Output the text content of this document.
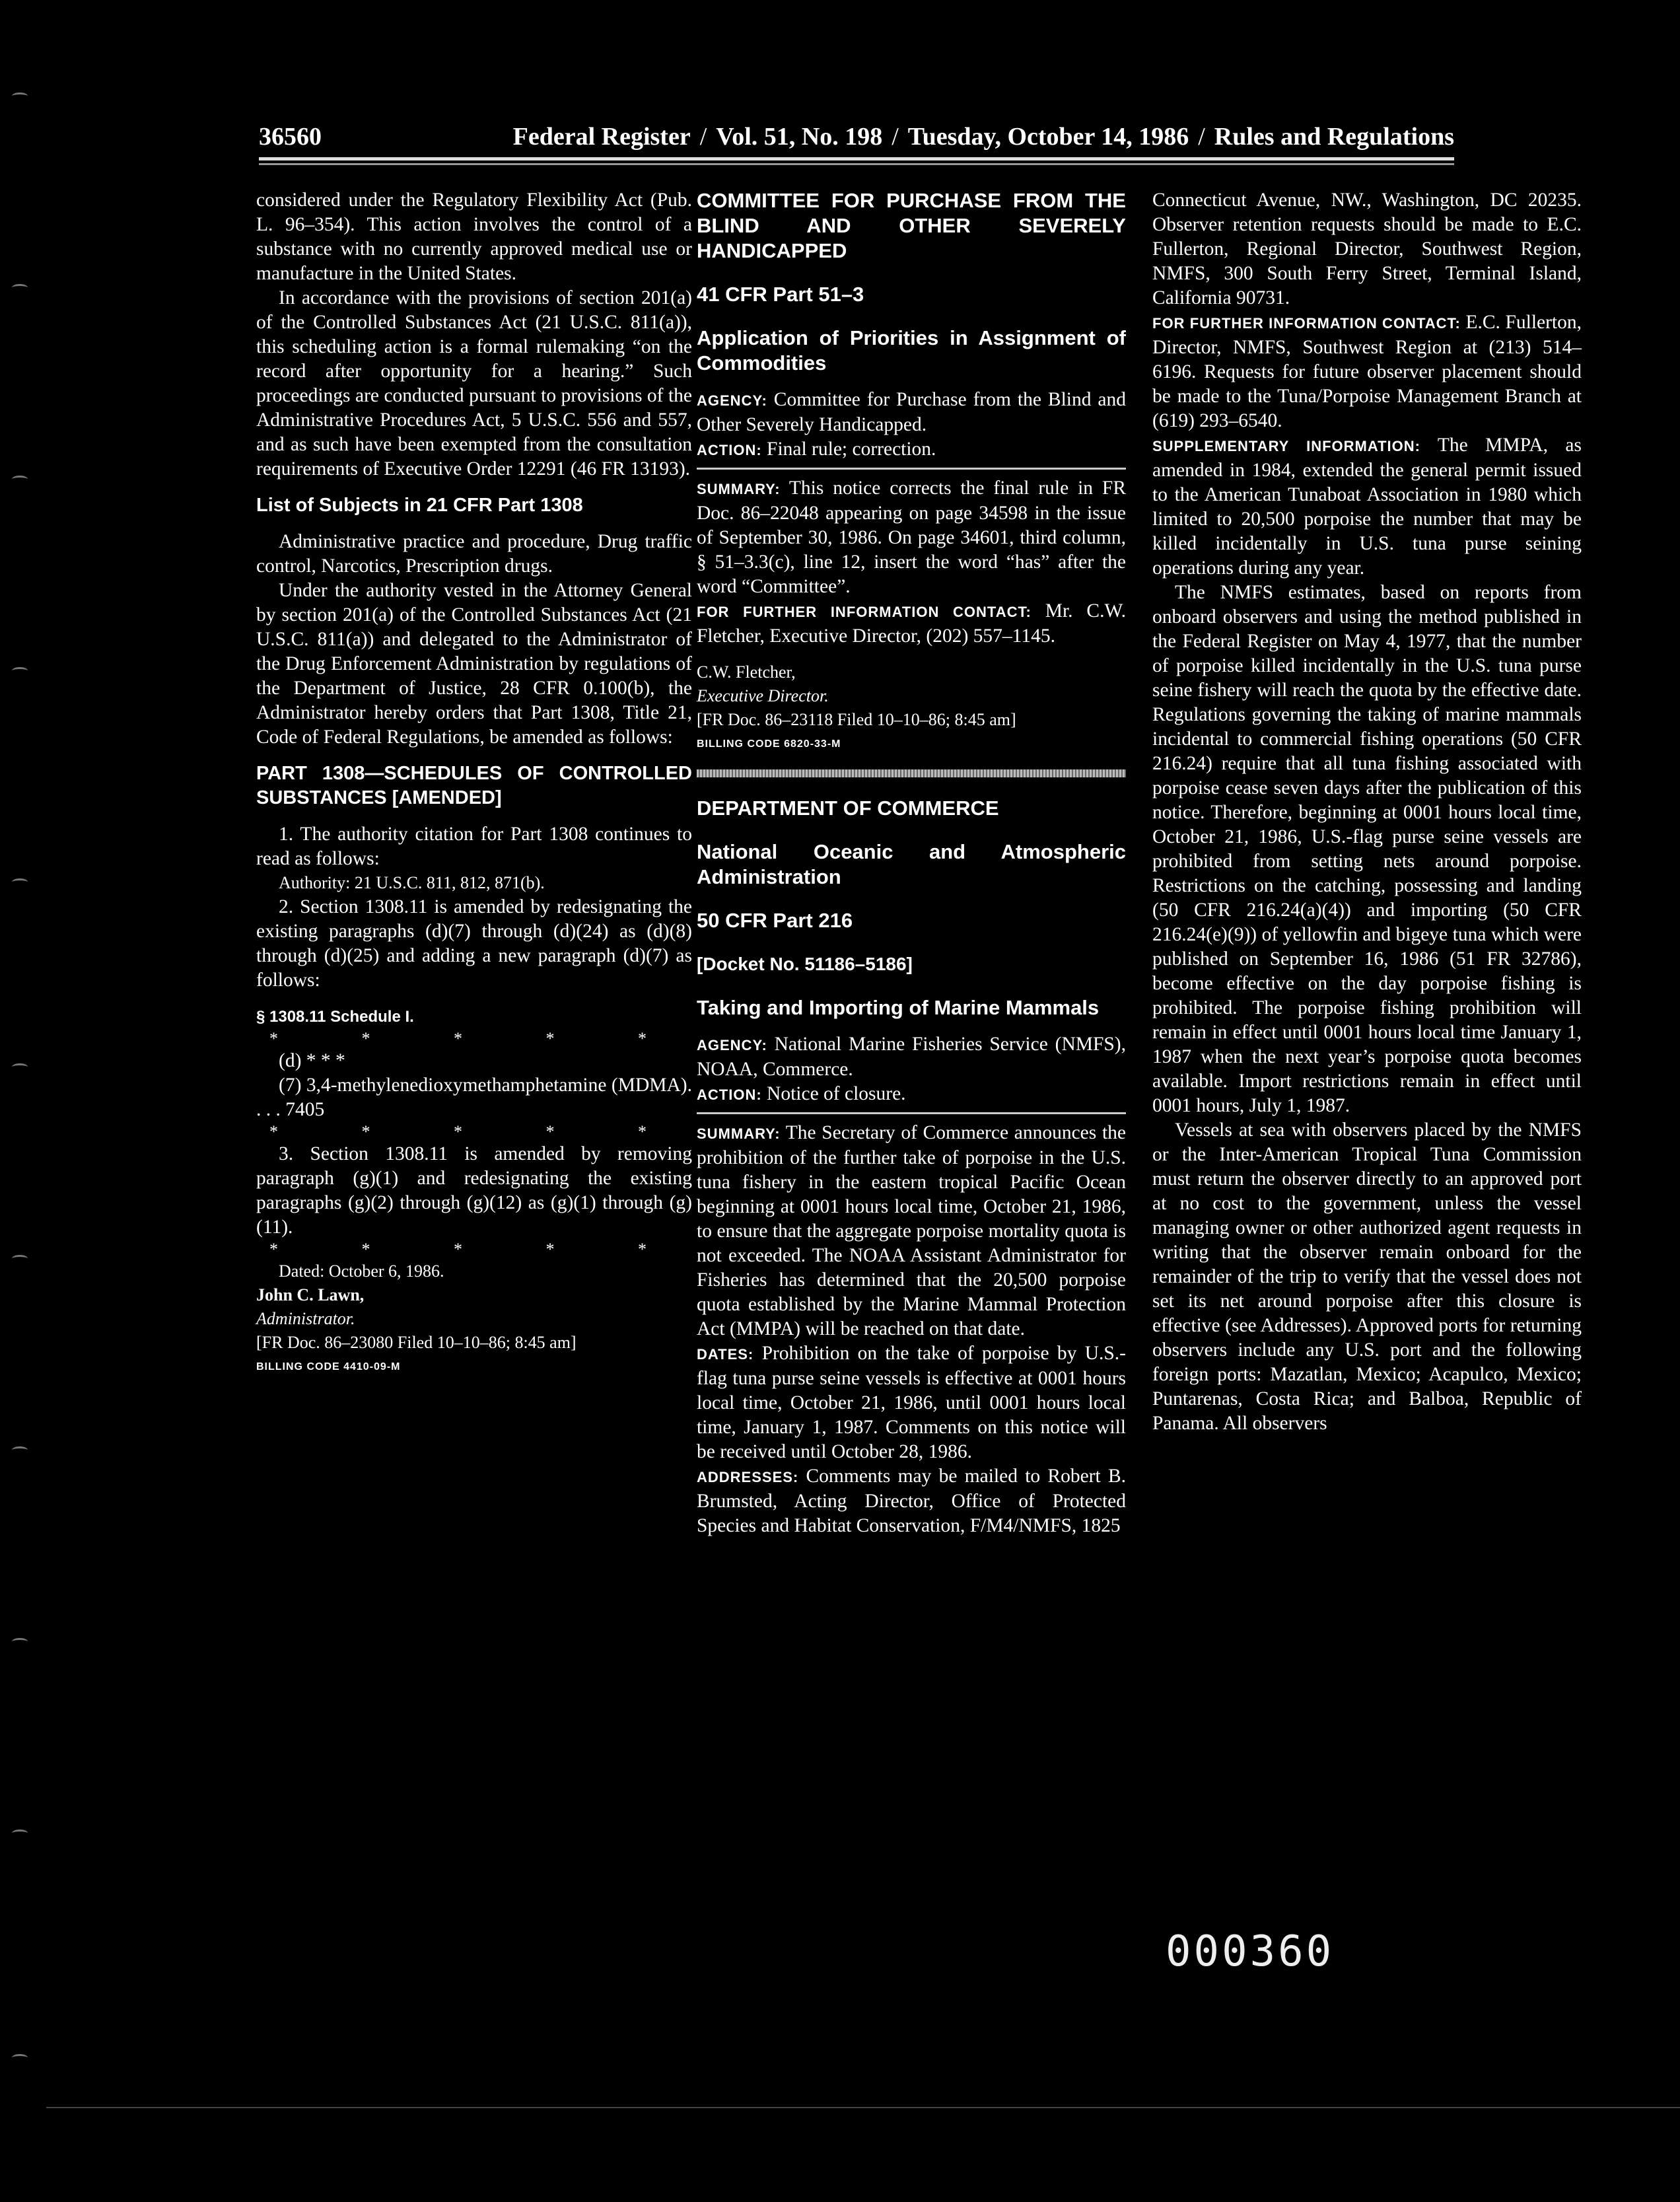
36560	Federal Register / Vol. 51, No. 198 / Tuesday, October 14, 1986 / Rules and Regulations

considered under the Regulatory Flexibility Act (Pub. L. 96–354). This action involves the control of a substance with no currently approved medical use or manufacture in the United States.

In accordance with the provisions of section 201(a) of the Controlled Substances Act (21 U.S.C. 811(a)), this scheduling action is a formal rulemaking “on the record after opportunity for a hearing.” Such proceedings are conducted pursuant to provisions of the Administrative Procedures Act, 5 U.S.C. 556 and 557, and as such have been exempted from the consultation requirements of Executive Order 12291 (46 FR 13193).

List of Subjects in 21 CFR Part 1308

Administrative practice and procedure, Drug traffic control, Narcotics, Prescription drugs.

Under the authority vested in the Attorney General by section 201(a) of the Controlled Substances Act (21 U.S.C. 811(a)) and delegated to the Administrator of the Drug Enforcement Administration by regulations of the Department of Justice, 28 CFR 0.100(b), the Administrator hereby orders that Part 1308, Title 21, Code of Federal Regulations, be amended as follows:

PART 1308—SCHEDULES OF CONTROLLED SUBSTANCES [AMENDED]

1. The authority citation for Part 1308 continues to read as follows:

Authority: 21 U.S.C. 811, 812, 871(b).

2. Section 1308.11 is amended by redesignating the existing paragraphs (d)(7) through (d)(24) as (d)(8) through (d)(25) and adding a new paragraph (d)(7) as follows:

§ 1308.11 Schedule I.

* * * * *

(d) * * *

(7) 3,4-methylenedioxymethamphetamine (MDMA). . . . 7405

* * * * *

3. Section 1308.11 is amended by removing paragraph (g)(1) and redesignating the existing paragraphs (g)(2) through (g)(12) as (g)(1) through (g)(11).

* * * * *

Dated: October 6, 1986.

John C. Lawn,

Administrator.

[FR Doc. 86–23080 Filed 10–10–86; 8:45 am]

BILLING CODE 4410-09-M

COMMITTEE FOR PURCHASE FROM THE BLIND AND OTHER SEVERELY HANDICAPPED

41 CFR Part 51–3

Application of Priorities in Assignment of Commodities

AGENCY: Committee for Purchase from the Blind and Other Severely Handicapped.

ACTION: Final rule; correction.

SUMMARY: This notice corrects the final rule in FR Doc. 86–22048 appearing on page 34598 in the issue of September 30, 1986. On page 34601, third column, § 51–3.3(c), line 12, insert the word “has” after the word “Committee”.

FOR FURTHER INFORMATION CONTACT: Mr. C.W. Fletcher, Executive Director, (202) 557–1145.

C.W. Fletcher,

Executive Director.

[FR Doc. 86–23118 Filed 10–10–86; 8:45 am]

BILLING CODE 6820-33-M

DEPARTMENT OF COMMERCE

National Oceanic and Atmospheric Administration

50 CFR Part 216

[Docket No. 51186–5186]

Taking and Importing of Marine Mammals

AGENCY: National Marine Fisheries Service (NMFS), NOAA, Commerce.

ACTION: Notice of closure.

SUMMARY: The Secretary of Commerce announces the prohibition of the further take of porpoise in the U.S. tuna fishery in the eastern tropical Pacific Ocean beginning at 0001 hours local time, October 21, 1986, to ensure that the aggregate porpoise mortality quota is not exceeded. The NOAA Assistant Administrator for Fisheries has determined that the 20,500 porpoise quota established by the Marine Mammal Protection Act (MMPA) will be reached on that date.

DATES: Prohibition on the take of porpoise by U.S.-flag tuna purse seine vessels is effective at 0001 hours local time, October 21, 1986, until 0001 hours local time, January 1, 1987. Comments on this notice will be received until October 28, 1986.

ADDRESSES: Comments may be mailed to Robert B. Brumsted, Acting Director, Office of Protected Species and Habitat Conservation, F/M4/NMFS, 1825

Connecticut Avenue, NW., Washington, DC 20235. Observer retention requests should be made to E.C. Fullerton, Regional Director, Southwest Region, NMFS, 300 South Ferry Street, Terminal Island, California 90731.

FOR FURTHER INFORMATION CONTACT: E.C. Fullerton, Director, NMFS, Southwest Region at (213) 514–6196. Requests for future observer placement should be made to the Tuna/Porpoise Management Branch at (619) 293–6540.

SUPPLEMENTARY INFORMATION: The MMPA, as amended in 1984, extended the general permit issued to the American Tunaboat Association in 1980 which limited to 20,500 porpoise the number that may be killed incidentally in U.S. tuna purse seining operations during any year.

The NMFS estimates, based on reports from onboard observers and using the method published in the Federal Register on May 4, 1977, that the number of porpoise killed incidentally in the U.S. tuna purse seine fishery will reach the quota by the effective date. Regulations governing the taking of marine mammals incidental to commercial fishing operations (50 CFR 216.24) require that all tuna fishing associated with porpoise cease seven days after the publication of this notice. Therefore, beginning at 0001 hours local time, October 21, 1986, U.S.-flag purse seine vessels are prohibited from setting nets around porpoise. Restrictions on the catching, possessing and landing (50 CFR 216.24(a)(4)) and importing (50 CFR 216.24(e)(9)) of yellowfin and bigeye tuna which were published on September 16, 1986 (51 FR 32786), become effective on the day porpoise fishing is prohibited. The porpoise fishing prohibition will remain in effect until 0001 hours local time January 1, 1987 when the next year’s porpoise quota becomes available. Import restrictions remain in effect until 0001 hours, July 1, 1987.

Vessels at sea with observers placed by the NMFS or the Inter-American Tropical Tuna Commission must return the observer directly to an approved port at no cost to the government, unless the vessel managing owner or other authorized agent requests in writing that the observer remain onboard for the remainder of the trip to verify that the vessel does not set its net around porpoise after this closure is effective (see Addresses). Approved ports for returning observers include any U.S. port and the following foreign ports: Mazatlan, Mexico; Acapulco, Mexico; Puntarenas, Costa Rica; and Balboa, Republic of Panama. All observers

000360
